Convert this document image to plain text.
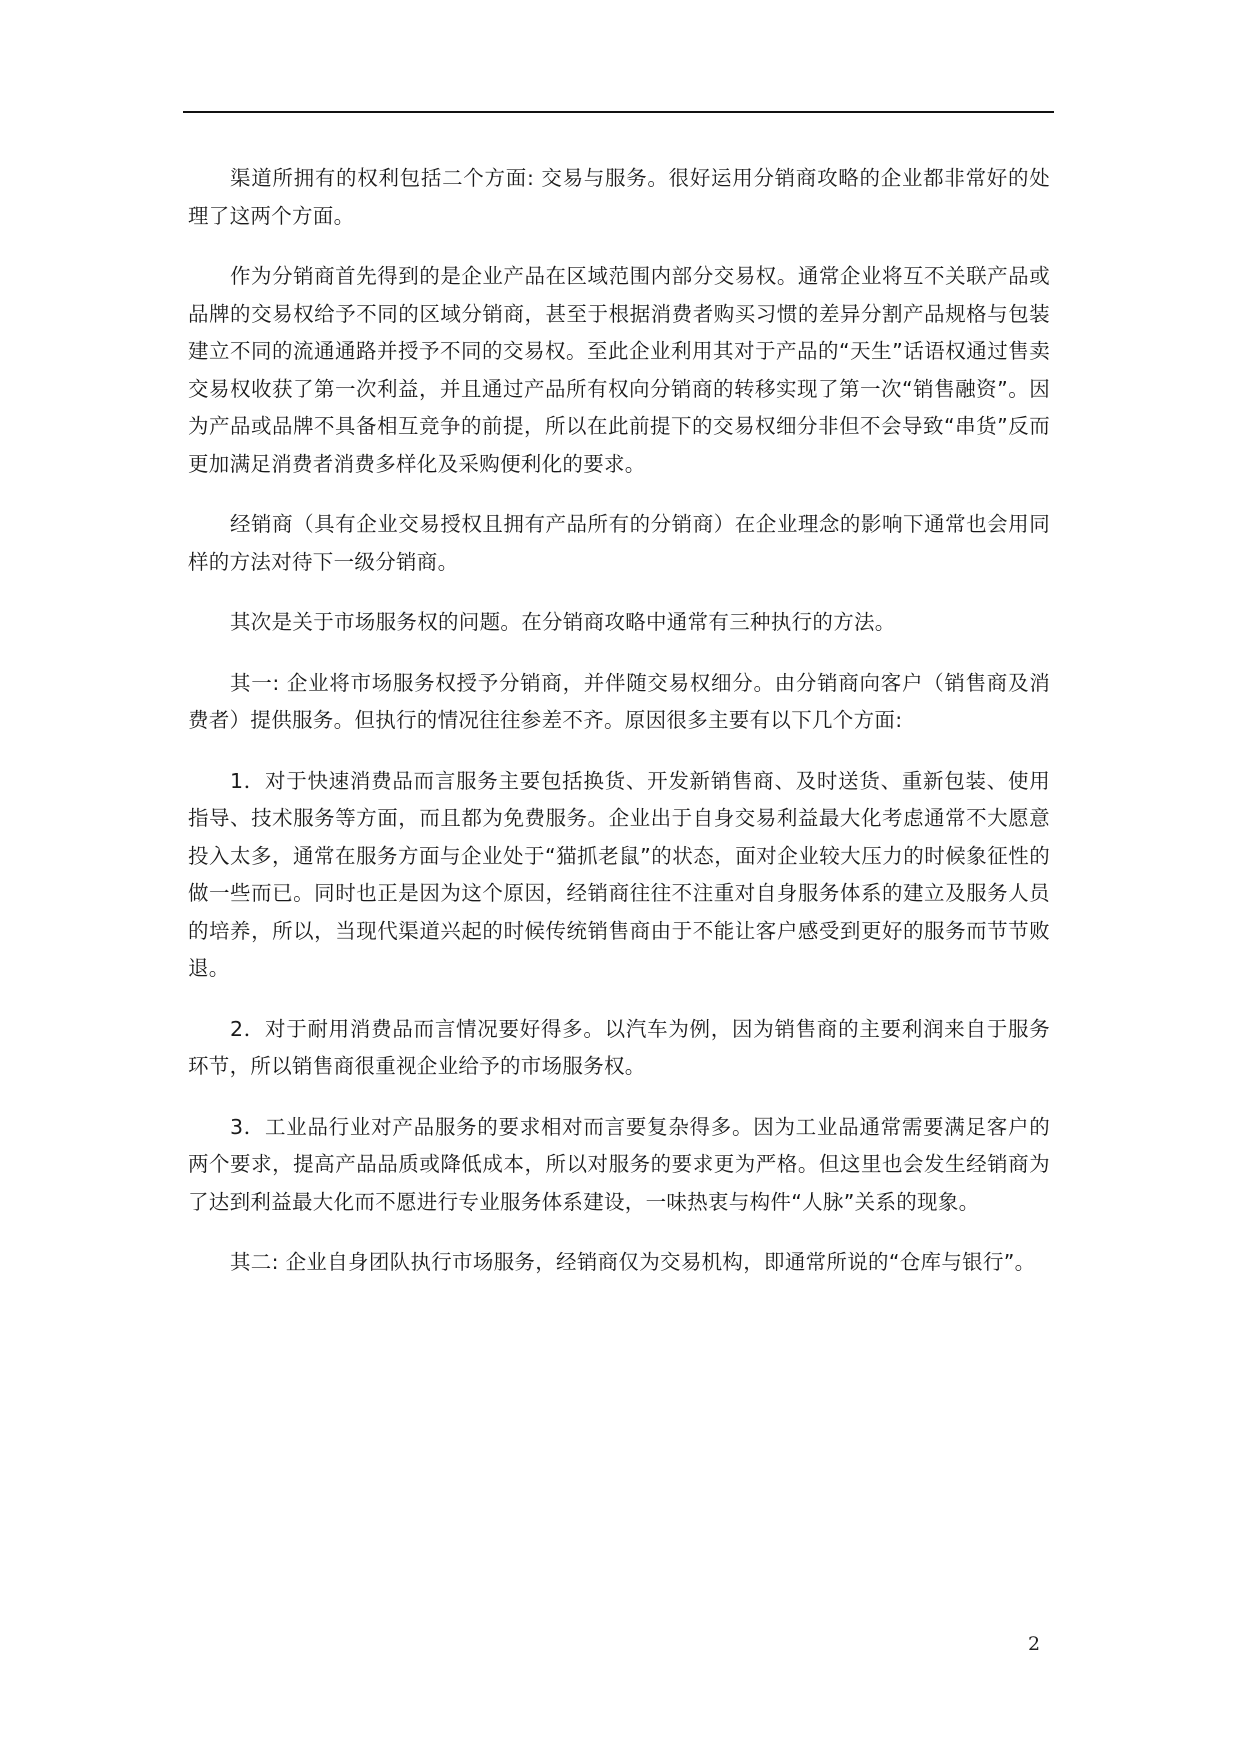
渠道所拥有的权利包括二个方面: 交易与服务。很好运用分销商攻略的企业都非常好的处理了这两个方面。

作为分销商首先得到的是企业产品在区域范围内部分交易权。通常企业将互不关联产品或品牌的交易权给予不同的区域分销商，甚至于根据消费者购买习惯的差异分割产品规格与包装建立不同的流通通路并授予不同的交易权。至此企业利用其对于产品的“天生”话语权通过售卖交易权收获了第一次利益，并且通过产品所有权向分销商的转移实现了第一次“销售融资”。因为产品或品牌不具备相互竞争的前提，所以在此前提下的交易权细分非但不会导致“串货”反而更加满足消费者消费多样化及采购便利化的要求。

经销商（具有企业交易授权且拥有产品所有的分销商）在企业理念的影响下通常也会用同样的方法对待下一级分销商。

其次是关于市场服务权的问题。在分销商攻略中通常有三种执行的方法。

其一: 企业将市场服务权授予分销商，并伴随交易权细分。由分销商向客户（销售商及消费者）提供服务。但执行的情况往往参差不齐。原因很多主要有以下几个方面:

1．对于快速消费品而言服务主要包括换货、开发新销售商、及时送货、重新包装、使用指导、技术服务等方面，而且都为免费服务。企业出于自身交易利益最大化考虑通常不大愿意投入太多，通常在服务方面与企业处于“猫抓老鼠”的状态，面对企业较大压力的时候象征性的做一些而已。同时也正是因为这个原因，经销商往往不注重对自身服务体系的建立及服务人员的培养，所以，当现代渠道兴起的时候传统销售商由于不能让客户感受到更好的服务而节节败退。

2．对于耐用消费品而言情况要好得多。以汽车为例，因为销售商的主要利润来自于服务环节，所以销售商很重视企业给予的市场服务权。

3．工业品行业对产品服务的要求相对而言要复杂得多。因为工业品通常需要满足客户的两个要求，提高产品品质或降低成本，所以对服务的要求更为严格。但这里也会发生经销商为了达到利益最大化而不愿进行专业服务体系建设，一味热衷与构件“人脉”关系的现象。

其二: 企业自身团队执行市场服务，经销商仅为交易机构，即通常所说的“仓库与银行”。

2
